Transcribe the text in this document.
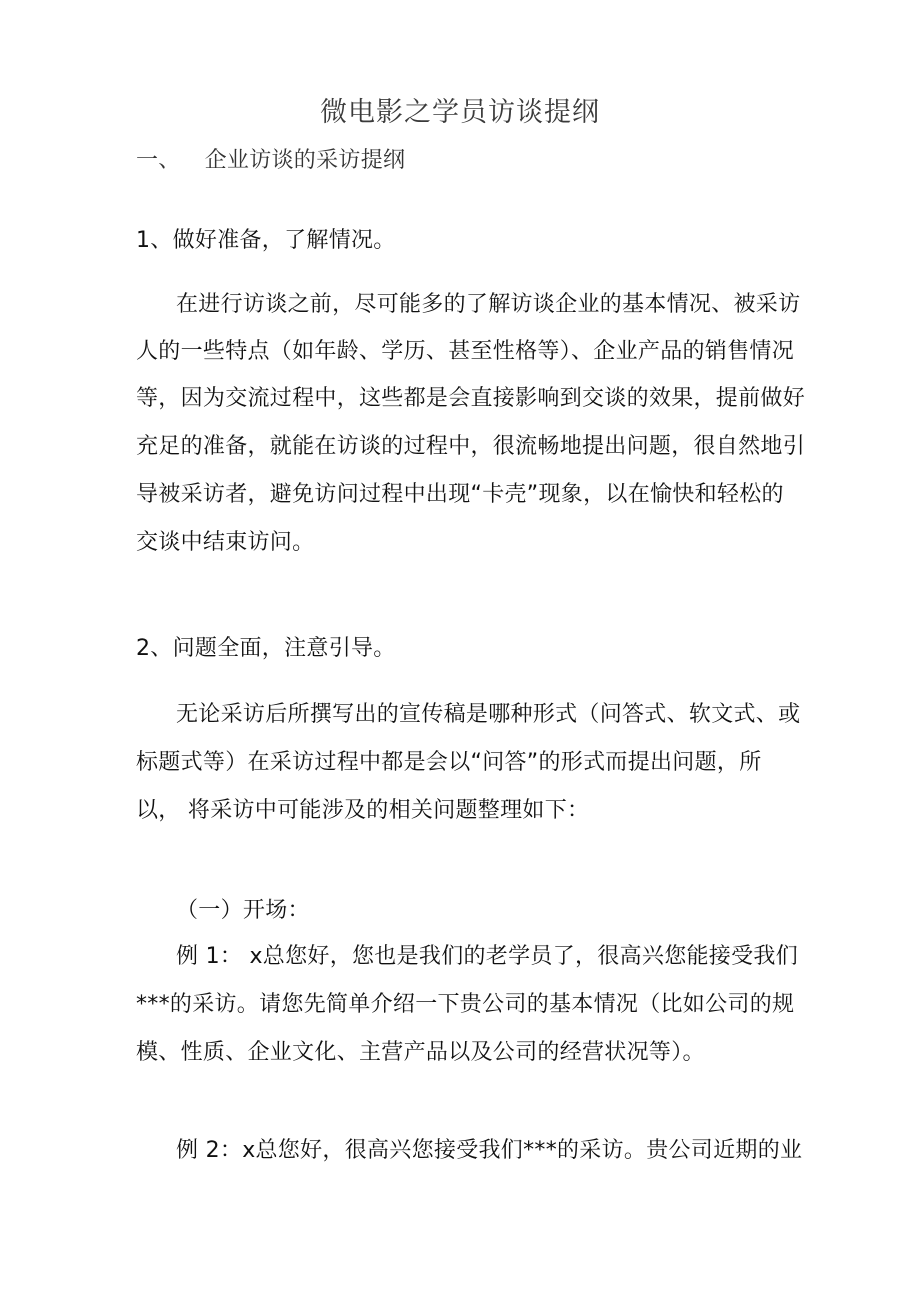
微电影之学员访谈提纲
一、 企业访谈的采访提纲
1、做好准备，了解情况。
在进行访谈之前，尽可能多的了解访谈企业的基本情况、被采访
人的一些特点（如年龄、学历、甚至性格等）、企业产品的销售情况
等，因为交流过程中，这些都是会直接影响到交谈的效果，提前做好
充足的准备，就能在访谈的过程中，很流畅地提出问题，很自然地引
导被采访者，避免访问过程中出现“卡壳”现象，以在愉快和轻松的
交谈中结束访问。
2、问题全面，注意引导。
无论采访后所撰写出的宣传稿是哪种形式（问答式、软文式、或
标题式等）在采访过程中都是会以“问答”的形式而提出问题，所
以， 将采访中可能涉及的相关问题整理如下：
（一）开场：
例 1： x总您好，您也是我们的老学员了，很高兴您能接受我们
***的采访。请您先简单介绍一下贵公司的基本情况（比如公司的规
模、性质、企业文化、主营产品以及公司的经营状况等）。
例 2：x总您好，很高兴您接受我们***的采访。贵公司近期的业
